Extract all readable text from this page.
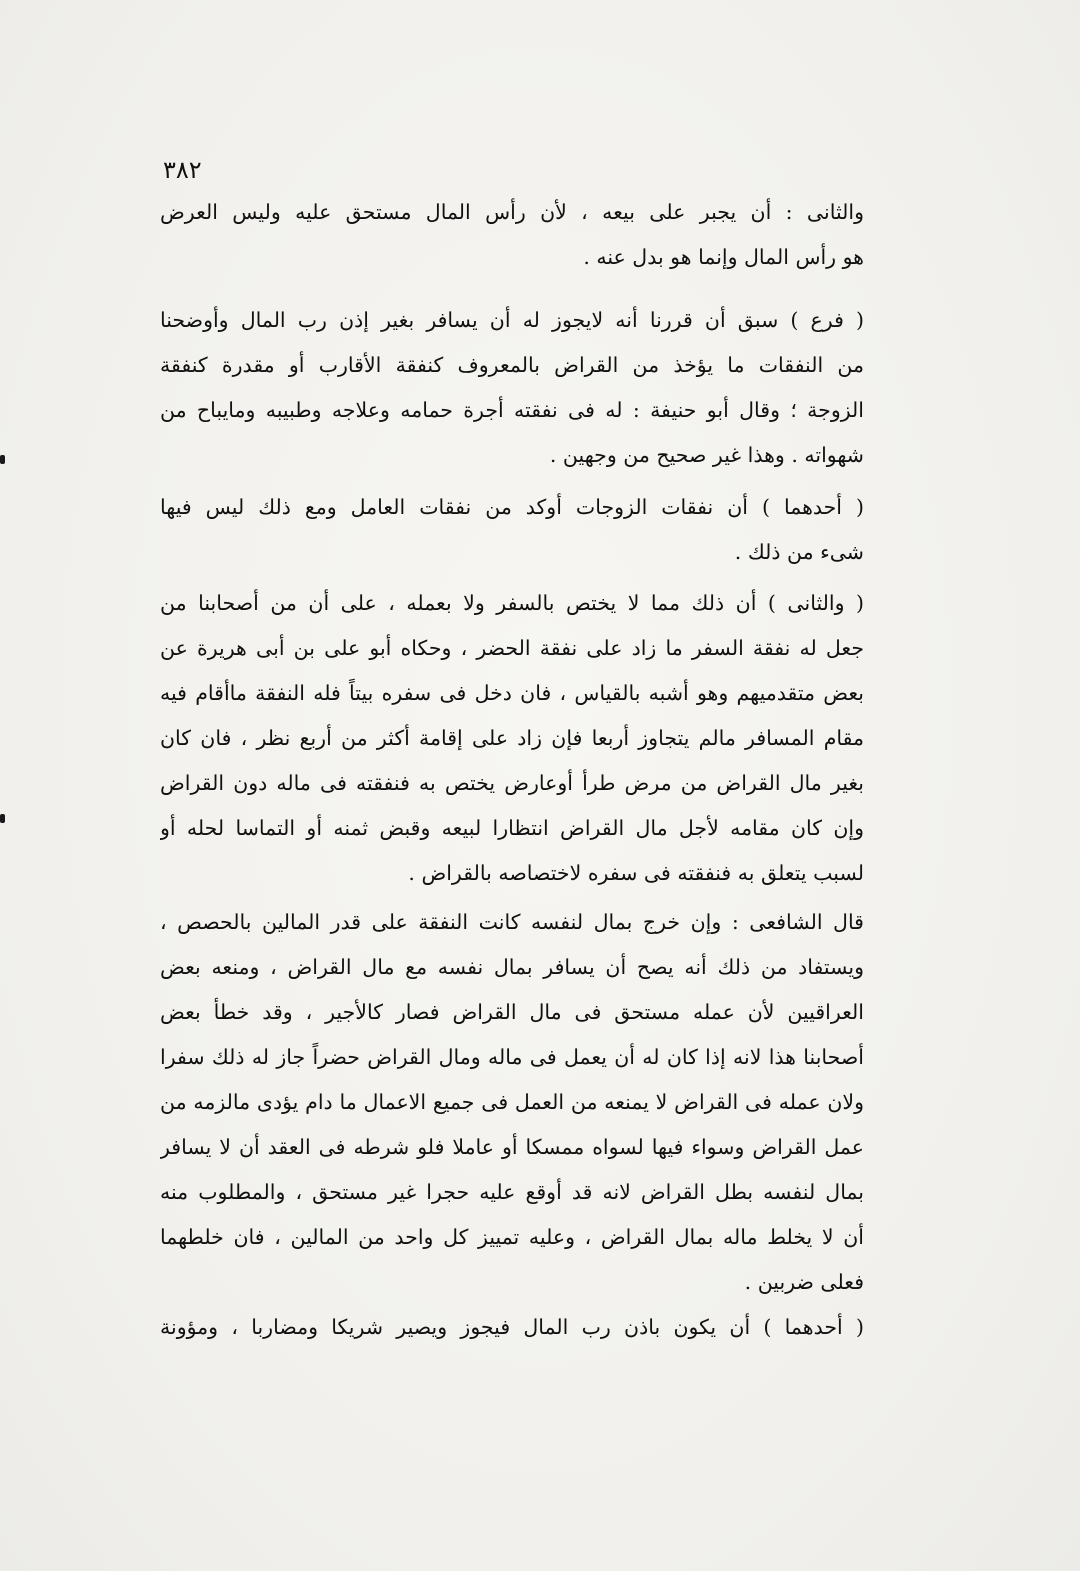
٣٨٢
والثانى : أن يجبر على بيعه ، لأن رأس المال مستحق عليه وليس العرض
هو رأس المال وإنما هو بدل عنه .
( فرع ) سبق أن قررنا أنه لايجوز له أن يسافر بغير إذن رب المال وأوضحنا
من النفقات ما يؤخذ من القراض بالمعروف كنفقة الأقارب أو مقدرة كنفقة
الزوجة ؛ وقال أبو حنيفة : له فى نفقته أجرة حمامه وعلاجه وطبيبه ومايباح من
شهواته . وهذا غير صحيح من وجهين .
( أحدهما ) أن نفقات الزوجات أوكد من نفقات العامل ومع ذلك ليس فيها
شىء من ذلك .
( والثانى ) أن ذلك مما لا يختص بالسفر ولا بعمله ، على أن من أصحابنا من
جعل له نفقة السفر ما زاد على نفقة الحضر ، وحكاه أبو على بن أبى هريرة عن
بعض متقدميهم وهو أشبه بالقياس ، فان دخل فى سفره بيتاً فله النفقة ماأقام فيه
مقام المسافر مالم يتجاوز أربعا فإن زاد على إقامة أكثر من أربع نظر ، فان كان
بغير مال القراض من مرض طرأ أوعارض يختص به فنفقته فى ماله دون القراض
وإن كان مقامه لأجل مال القراض انتظارا لبيعه وقبض ثمنه أو التماسا لحله أو
لسبب يتعلق به فنفقته فى سفره لاختصاصه بالقراض .
قال الشافعى : وإن خرج بمال لنفسه كانت النفقة على قدر المالين بالحصص ،
ويستفاد من ذلك أنه يصح أن يسافر بمال نفسه مع مال القراض ، ومنعه بعض
العراقيين لأن عمله مستحق فى مال القراض فصار كالأجير ، وقد خطأ بعض
أصحابنا هذا لانه إذا كان له أن يعمل فى ماله ومال القراض حضراً جاز له ذلك سفرا
ولان عمله فى القراض لا يمنعه من العمل فى جميع الاعمال ما دام يؤدى مالزمه من
عمل القراض وسواء فيها لسواه ممسكا أو عاملا فلو شرطه فى العقد أن لا يسافر
بمال لنفسه بطل القراض لانه قد أوقع عليه حجرا غير مستحق ، والمطلوب منه
أن لا يخلط ماله بمال القراض ، وعليه تمييز كل واحد من المالين ، فان خلطهما
فعلى ضربين .
( أحدهما ) أن يكون باذن رب المال فيجوز ويصير شريكا ومضاربا ، ومؤونة
